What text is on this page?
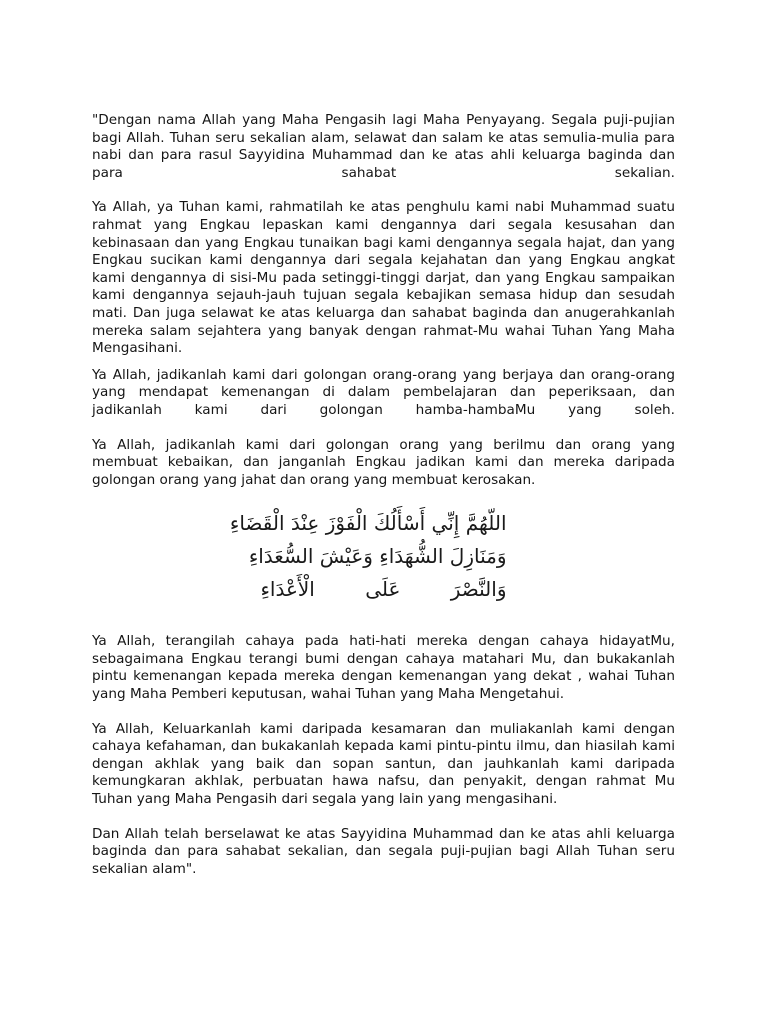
"Dengan nama Allah yang Maha Pengasih lagi Maha Penyayang. Segala puji-pujian bagi Allah. Tuhan seru sekalian alam, selawat dan salam ke atas semulia-mulia para nabi dan para rasul Sayyidina Muhammad dan ke atas ahli keluarga baginda dan para sahabat sekalian.

Ya Allah, ya Tuhan kami, rahmatilah ke atas penghulu kami nabi Muhammad suatu rahmat yang Engkau lepaskan kami dengannya dari segala kesusahan dan kebinasaan dan yang Engkau tunaikan bagi kami dengannya segala hajat, dan yang Engkau sucikan kami dengannya dari segala kejahatan dan yang Engkau angkat kami dengannya di sisi-Mu pada setinggi-tinggi darjat, dan yang Engkau sampaikan kami dengannya sejauh-jauh tujuan segala kebajikan semasa hidup dan sesudah mati. Dan juga selawat ke atas keluarga dan sahabat baginda dan anugerahkanlah mereka salam sejahtera yang banyak dengan rahmat-Mu wahai Tuhan Yang Maha Mengasihani.

Ya Allah, jadikanlah kami dari golongan orang-orang yang berjaya dan orang-orang yang mendapat kemenangan di dalam pembelajaran dan peperiksaan, dan jadikanlah kami dari golongan hamba-hambaMu yang soleh.

Ya Allah, jadikanlah kami dari golongan orang yang berilmu dan orang yang membuat kebaikan, dan janganlah Engkau jadikan kami dan mereka daripada golongan orang yang jahat dan orang yang membuat kerosakan.

اللّهُمَّ إِنِّي أَسْأَلُكَ الْفَوْزَ عِنْدَ الْقَضَاءِ
وَمَنَازِلَ الشُّهَدَاءِ وَعَيْشَ السُّعَدَاءِ
وَالنَّصْرَ عَلَى الْأَعْدَاءِ

Ya Allah, terangilah cahaya pada hati-hati mereka dengan cahaya hidayatMu, sebagaimana Engkau terangi bumi dengan cahaya matahari Mu, dan bukakanlah pintu kemenangan kepada mereka dengan kemenangan yang dekat , wahai Tuhan yang Maha Pemberi keputusan, wahai Tuhan yang Maha Mengetahui.

Ya Allah, Keluarkanlah kami daripada kesamaran dan muliakanlah kami dengan cahaya kefahaman, dan bukakanlah kepada kami pintu-pintu ilmu, dan hiasilah kami dengan akhlak yang baik dan sopan santun, dan jauhkanlah kami daripada kemungkaran akhlak, perbuatan hawa nafsu, dan penyakit, dengan rahmat Mu Tuhan yang Maha Pengasih dari segala yang lain yang mengasihani.

Dan Allah telah berselawat ke atas Sayyidina Muhammad dan ke atas ahli keluarga baginda dan para sahabat sekalian, dan segala puji-pujian bagi Allah Tuhan seru sekalian alam".
